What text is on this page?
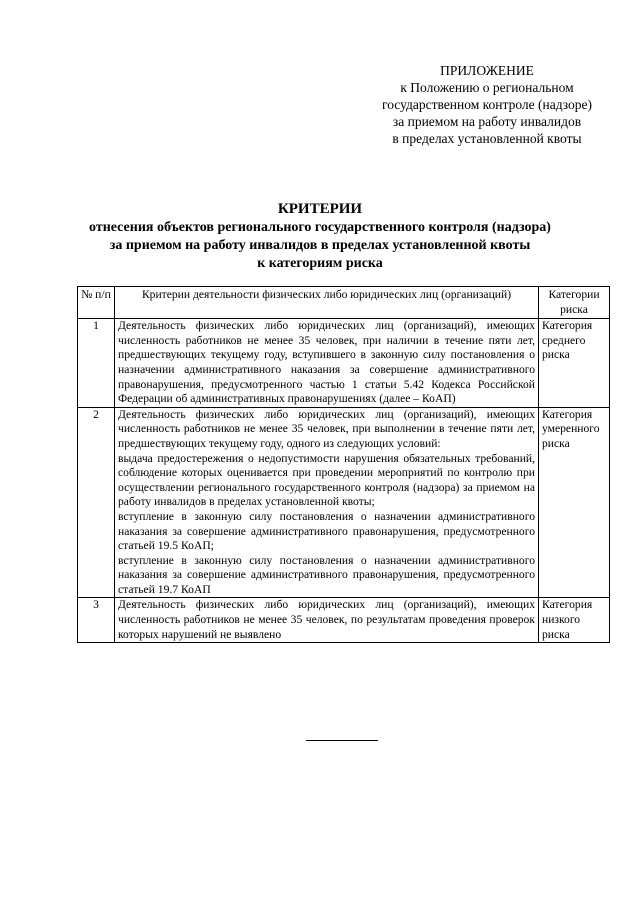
ПРИЛОЖЕНИЕ
к Положению о региональном
государственном контроле (надзоре)
за приемом на работу инвалидов
в пределах установленной квоты
КРИТЕРИИ
отнесения объектов регионального государственного контроля (надзора)
за приемом на работу инвалидов в пределах установленной квоты
к категориям риска
№ п/п	Критерии деятельности физических либо юридических лиц (организаций)	Категории риска
1	Деятельность физических либо юридических лиц (организаций), имеющих численность работников не менее 35 человек, при наличии в течение пяти лет, предшествующих текущему году, вступившего в законную силу постановления о назначении административного наказания за совершение административного правонарушения, предусмотренного частью 1 статьи 5.42 Кодекса Российской Федерации об административных правонарушениях (далее – КоАП)	Категория среднего риска
2	Деятельность физических либо юридических лиц (организаций), имеющих численность работников не менее 35 человек, при выполнении в течение пяти лет, предшествующих текущему году, одного из следующих условий:

выдача предостережения о недопустимости нарушения обязательных требований, соблюдение которых оценивается при проведении мероприятий по контролю при осуществлении регионального государственного контроля (надзора) за приемом на работу инвалидов в пределах установленной квоты;

вступление в законную силу постановления о назначении административного наказания за совершение административного правонарушения, предусмотренного статьей 19.5 КоАП;

вступление в законную силу постановления о назначении административного наказания за совершение административного правонарушения, предусмотренного статьей 19.7 КоАП	Категория умеренного риска
3	Деятельность физических либо юридических лиц (организаций), имеющих численность работников не менее 35 человек, по результатам проведения проверок которых нарушений не выявлено	Категория низкого риска
